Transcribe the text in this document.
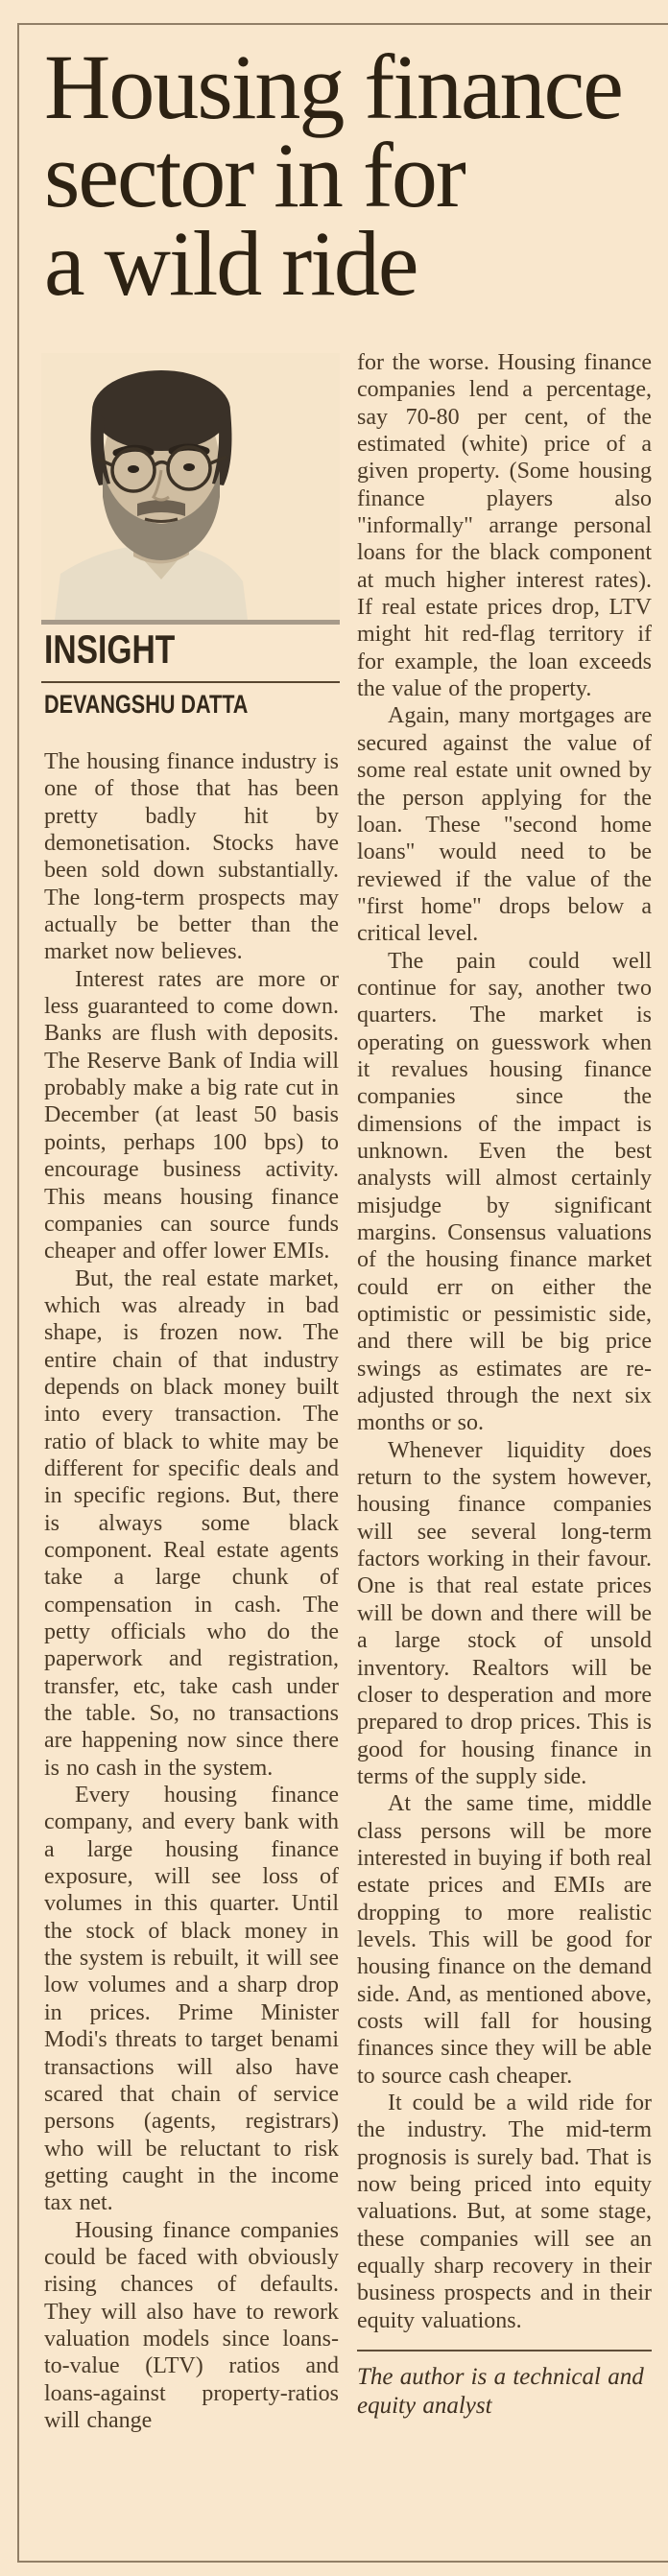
Housing finance
sector in for
a wild ride
INSIGHT
DEVANGSHU DATTA

The housing finance industry is one of those that has been pretty badly hit by demonetisation. Stocks have been sold down substantially. The long-term prospects may actually be better than the market now believes.

Interest rates are more or less guaranteed to come down. Banks are flush with deposits. The Reserve Bank of India will probably make a big rate cut in December (at least 50 basis points, perhaps 100 bps) to encourage business activity. This means housing finance companies can source funds cheaper and offer lower EMIs.

But, the real estate market, which was already in bad shape, is frozen now. The entire chain of that industry depends on black money built into every transaction. The ratio of black to white may be different for specific deals and in specific regions. But, there is always some black component. Real estate agents take a large chunk of compensation in cash. The petty officials who do the paperwork and registration, transfer, etc, take cash under the table. So, no transactions are happening now since there is no cash in the system.

Every housing finance company, and every bank with a large housing finance exposure, will see loss of volumes in this quarter. Until the stock of black money in the system is rebuilt, it will see low volumes and a sharp drop in prices. Prime Minister Modi's threats to target benami transactions will also have scared that chain of service persons (agents, registrars) who will be reluctant to risk getting caught in the income tax net.

Housing finance companies could be faced with obviously rising chances of defaults. They will also have to rework valuation models since loans-to-value (LTV) ratios and loans-against property-ratios will change

for the worse. Housing finance companies lend a percentage, say 70-80 per cent, of the estimated (white) price of a given property. (Some housing finance players also "informally" arrange personal loans for the black component at much higher interest rates). If real estate prices drop, LTV might hit red-flag territory if for example, the loan exceeds the value of the property.

Again, many mortgages are secured against the value of some real estate unit owned by the person applying for the loan. These "second home loans" would need to be reviewed if the value of the "first home" drops below a critical level.

The pain could well continue for say, another two quarters. The market is operating on guesswork when it revalues housing finance companies since the dimensions of the impact is unknown. Even the best analysts will almost certainly misjudge by significant margins. Consensus valuations of the housing finance market could err on either the optimistic or pessimistic side, and there will be big price swings as estimates are re-adjusted through the next six months or so.

Whenever liquidity does return to the system however, housing finance companies will see several long-term factors working in their favour. One is that real estate prices will be down and there will be a large stock of unsold inventory. Realtors will be closer to desperation and more prepared to drop prices. This is good for housing finance in terms of the supply side.

At the same time, middle class persons will be more interested in buying if both real estate prices and EMIs are dropping to more realistic levels. This will be good for housing finance on the demand side. And, as mentioned above, costs will fall for housing finances since they will be able to source cash cheaper.

It could be a wild ride for the industry. The mid-term prognosis is surely bad. That is now being priced into equity valuations. But, at some stage, these companies will see an equally sharp recovery in their business prospects and in their equity valuations.

The author is a technical and equity analyst
